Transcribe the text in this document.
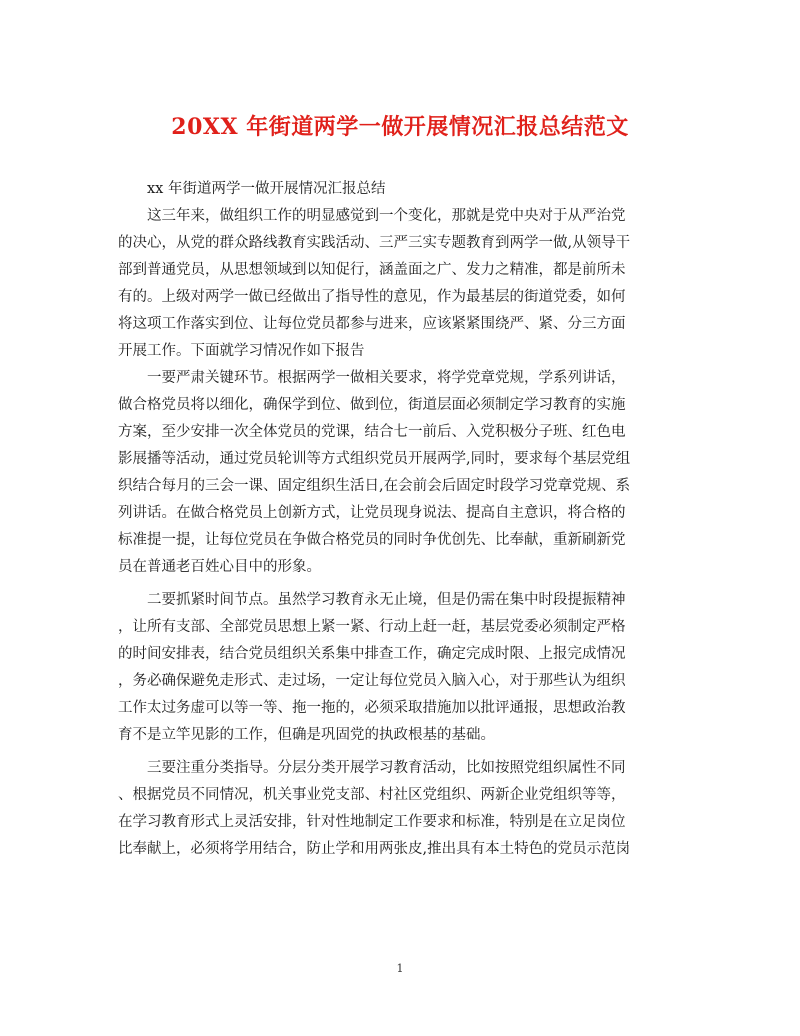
20XX 年街道两学一做开展情况汇报总结范文
　　xx 年街道两学一做开展情况汇报总结
　　这三年来，做组织工作的明显感觉到一个变化，那就是党中央对于从严治党
的决心，从党的群众路线教育实践活动、三严三实专题教育到两学一做,从领导干
部到普通党员，从思想领域到以知促行，涵盖面之广、发力之精准，都是前所未
有的。上级对两学一做已经做出了指导性的意见，作为最基层的街道党委，如何
将这项工作落实到位、让每位党员都参与进来，应该紧紧围绕严、紧、分三方面
开展工作。下面就学习情况作如下报告
　　一要严肃关键环节。根据两学一做相关要求，将学党章党规，学系列讲话，
做合格党员将以细化，确保学到位、做到位，街道层面必须制定学习教育的实施
方案，至少安排一次全体党员的党课，结合七一前后、入党积极分子班、红色电
影展播等活动，通过党员轮训等方式组织党员开展两学,同时，要求每个基层党组
织结合每月的三会一课、固定组织生活日,在会前会后固定时段学习党章党规、系
列讲话。在做合格党员上创新方式，让党员现身说法、提高自主意识，将合格的
标准提一提，让每位党员在争做合格党员的同时争优创先、比奉献，重新刷新党
员在普通老百姓心目中的形象。
　　二要抓紧时间节点。虽然学习教育永无止境，但是仍需在集中时段提振精神
，让所有支部、全部党员思想上紧一紧、行动上赶一赶，基层党委必须制定严格
的时间安排表，结合党员组织关系集中排查工作，确定完成时限、上报完成情况
，务必确保避免走形式、走过场，一定让每位党员入脑入心，对于那些认为组织
工作太过务虚可以等一等、拖一拖的，必须采取措施加以批评通报，思想政治教
育不是立竿见影的工作，但确是巩固党的执政根基的基础。
　　三要注重分类指导。分层分类开展学习教育活动，比如按照党组织属性不同
、根据党员不同情况，机关事业党支部、村社区党组织、两新企业党组织等等，
在学习教育形式上灵活安排，针对性地制定工作要求和标准，特别是在立足岗位
比奉献上，必须将学用结合，防止学和用两张皮,推出具有本土特色的党员示范岗
1
